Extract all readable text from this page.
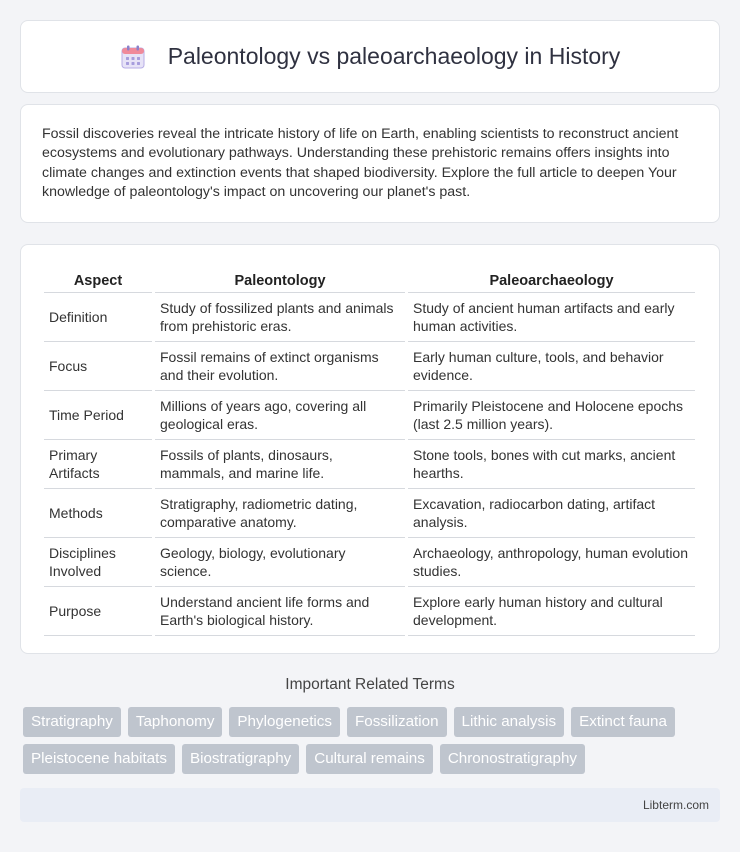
Paleontology vs paleoarchaeology in History

Fossil discoveries reveal the intricate history of life on Earth, enabling scientists to reconstruct ancient ecosystems and evolutionary pathways. Understanding these prehistoric remains offers insights into climate changes and extinction events that shaped biodiversity. Explore the full article to deepen Your knowledge of paleontology's impact on uncovering our planet's past.

Aspect	Paleontology	Paleoarchaeology
Definition	Study of fossilized plants and animals from prehistoric eras.	Study of ancient human artifacts and early human activities.
Focus	Fossil remains of extinct organisms and their evolution.	Early human culture, tools, and behavior evidence.
Time Period	Millions of years ago, covering all geological eras.	Primarily Pleistocene and Holocene epochs (last 2.5 million years).
Primary Artifacts	Fossils of plants, dinosaurs, mammals, and marine life.	Stone tools, bones with cut marks, ancient hearths.
Methods	Stratigraphy, radiometric dating, comparative anatomy.	Excavation, radiocarbon dating, artifact analysis.
Disciplines Involved	Geology, biology, evolutionary science.	Archaeology, anthropology, human evolution studies.
Purpose	Understand ancient life forms and Earth's biological history.	Explore early human history and cultural development.
Important Related Terms
Stratigraphy	Taphonomy	Phylogenetics	Fossilization	Lithic analysis	Extinct fauna
Pleistocene habitats	Biostratigraphy	Cultural remains	Chronostratigraphy
Libterm.com
